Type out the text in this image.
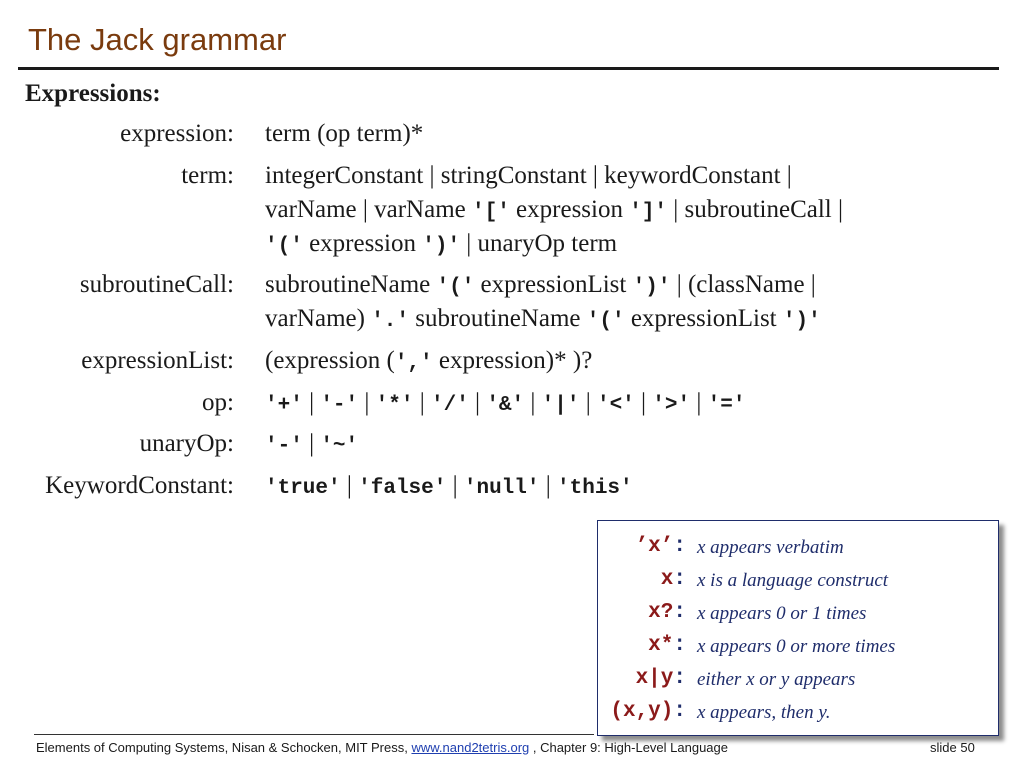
The Jack grammar
Expressions:
expression: term (op term)*
term: integerConstant | stringConstant | keywordConstant |
varName | varName '[' expression ']' | subroutineCall |
'(' expression ')' | unaryOp term
subroutineCall: subroutineName '(' expressionList ')' | (className |
varName) '.' subroutineName '(' expressionList ')'
expressionList: (expression (',' expression)* )?
op: '+' | '-' | '*' | '/' | '&' | '|' | '<' | '>' | '='
unaryOp: '-' | '~'
KeywordConstant: 'true' | 'false' | 'null' | 'this'
’x’: x appears verbatim
x: x is a language construct
x?: x appears 0 or 1 times
x*: x appears 0 or more times
x|y: either x or y appears
(x,y): x appears, then y.
Elements of Computing Systems, Nisan & Schocken, MIT Press, www.nand2tetris.org , Chapter 9: High-Level Language	slide 50
